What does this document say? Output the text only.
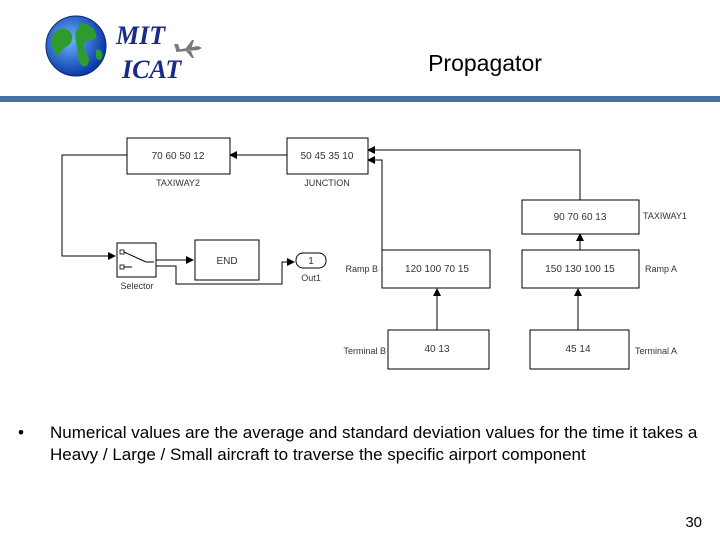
MIT
ICAT	Propagator
70 60 50 12
TAXIWAY2
50 45 35 10
JUNCTION
90 70 60 13	TAXIWAY1
Selector
END	1
Out1
120 100 70 15
Ramp B	150 130 100 15	Ramp A
40 13
Terminal B	45 14	Terminal A

• Numerical values are the average and standard deviation values for the time it takes a Heavy / Large / Small aircraft to traverse the specific airport component

30
